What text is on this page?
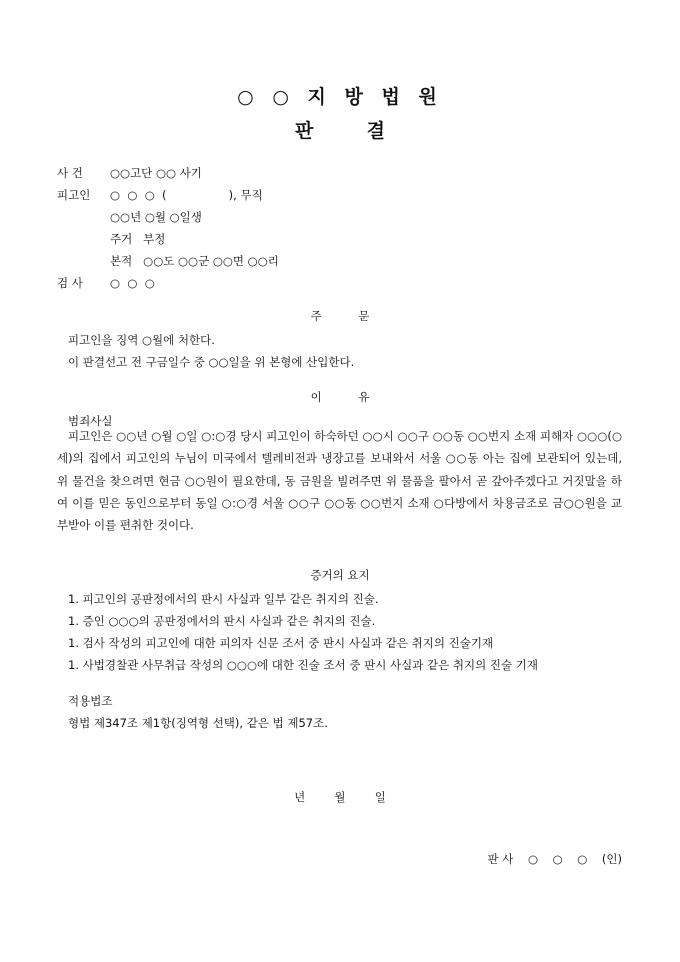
○ ○ 지 방 법 원
판	결
사 건 ○○고단 ○○ 사기
피고인 ○  ○  ○  (                 ), 무직
○○년 ○월 ○일생
주거   부정
본적   ○○도 ○○군 ○○면 ○○리
검 사 ○  ○  ○
주          문
피고인을 징역 ○월에 처한다.
이 판결선고 전 구금일수 중 ○○일을 위 본형에 산입한다.
이          유
범죄사실
피고인은 ○○년 ○월 ○일 ○:○경 당시 피고인이 하숙하던 ○○시 ○○구 ○○동 ○○번지 소재 피해자 ○○○(○세)의 집에서 피고인의 누님이 미국에서 텔레비전과 냉장고를 보내와서 서울 ○○동 아는 집에 보관되어 있는데, 위 물건을 찾으려면 현금 ○○원이 필요한데, 동 금원을 빌려주면 위 물품을 팔아서 곧 갚아주겠다고 거짓말을 하여 이를 믿은 동인으로부터 동일 ○:○경 서울 ○○구 ○○동 ○○번지 소재 ○다방에서 차용금조로 금○○원을 교부받아 이를 편취한 것이다.
증거의 요지
1. 피고인의 공판정에서의 판시 사실과 일부 같은 취지의 진술.
1. 증인 ○○○의 공판정에서의 판시 사실과 같은 취지의 진술.
1. 검사 작성의 피고인에 대한 피의자 신문 조서 중 판시 사실과 같은 취지의 진술기재
1. 사법경찰관 사무취급 작성의 ○○○에 대한 진술 조서 중 판시 사실과 같은 취지의 진술 기재
적용법조
형법 제347조 제1항(징역형 선택), 같은 법 제57조.
년        월        일
판 사    ○    ○    ○    (인)
